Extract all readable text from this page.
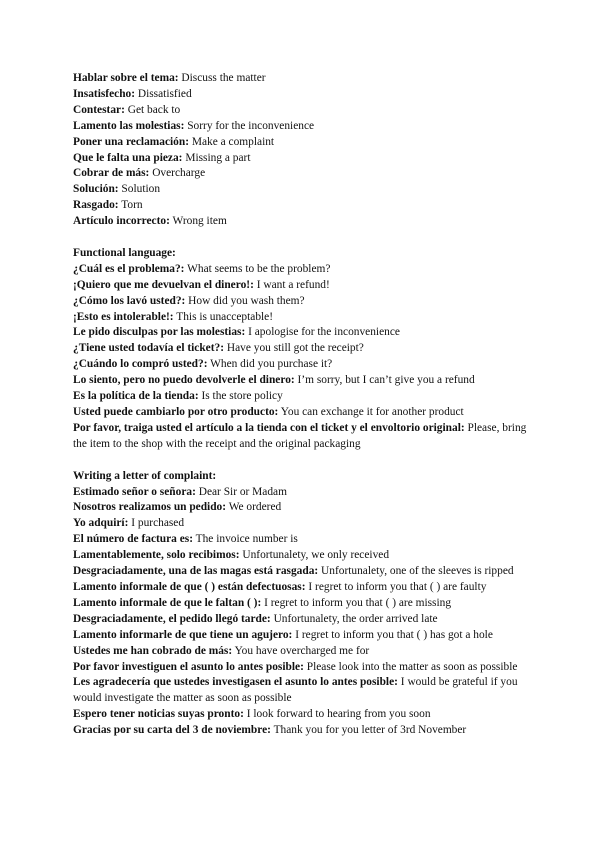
Hablar sobre el tema: Discuss the matter

Insatisfecho: Dissatisfied

Contestar: Get back to

Lamento las molestias: Sorry for the inconvenience

Poner una reclamación: Make a complaint

Que le falta una pieza: Missing a part

Cobrar de más: Overcharge

Solución: Solution

Rasgado: Torn

Artículo incorrecto: Wrong item

Functional language:

¿Cuál es el problema?: What seems to be the problem?

¡Quiero que me devuelvan el dinero!: I want a refund!

¿Cómo los lavó usted?: How did you wash them?

¡Esto es intolerable!: This is unacceptable!

Le pido disculpas por las molestias: I apologise for the inconvenience

¿Tiene usted todavía el ticket?: Have you still got the receipt?

¿Cuándo lo compró usted?: When did you purchase it?

Lo siento, pero no puedo devolverle el dinero: I’m sorry, but I can’t give you a refund

Es la política de la tienda: Is the store policy

Usted puede cambiarlo por otro producto: You can exchange it for another product

Por favor, traiga usted el artículo a la tienda con el ticket y el envoltorio original: Please, bring the item to the shop with the receipt and the original packaging

Writing a letter of complaint:

Estimado señor o señora: Dear Sir or Madam

Nosotros realizamos un pedido: We ordered

Yo adquirí: I purchased

El número de factura es: The invoice number is

Lamentablemente, solo recibimos: Unfortunalety, we only received

Desgraciadamente, una de las magas está rasgada: Unfortunalety, one of the sleeves is ripped

Lamento informale de que ( ) están defectuosas: I regret to inform you that ( ) are faulty

Lamento informale de que le faltan ( ): I regret to inform you that ( ) are missing

Desgraciadamente, el pedido llegó tarde: Unfortunalety, the order arrived late

Lamento informarle de que tiene un agujero: I regret to inform you that ( ) has got a hole

Ustedes me han cobrado de más: You have overcharged me for

Por favor investiguen el asunto lo antes posible: Please look into the matter as soon as possible

Les agradecería que ustedes investigasen el asunto lo antes posible: I would be grateful if you would investigate the matter as soon as possible

Espero tener noticias suyas pronto: I look forward to hearing from you soon

Gracias por su carta del 3 de noviembre: Thank you for you letter of 3rd November
